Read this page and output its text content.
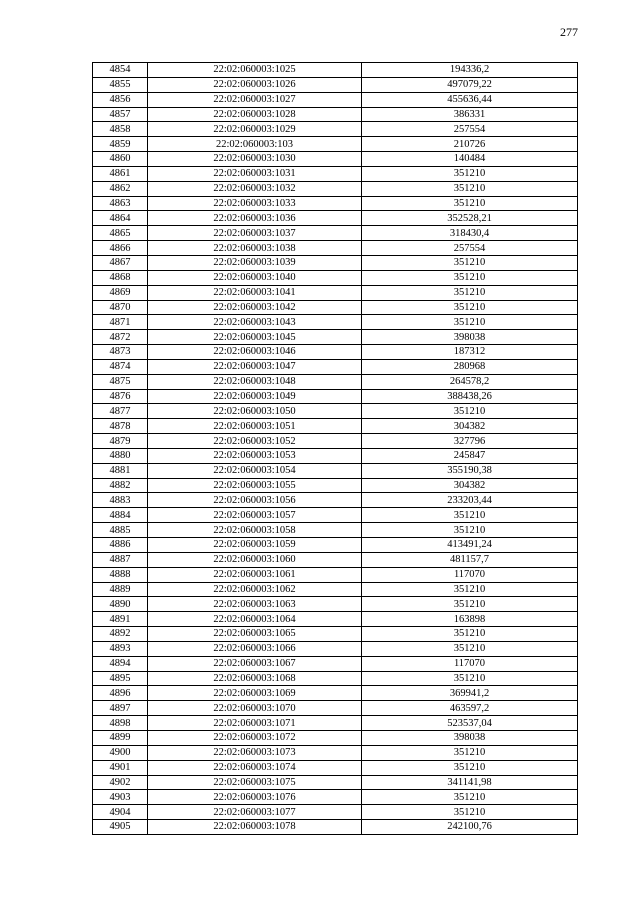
277
4854	22:02:060003:1025	194336,2
4855	22:02:060003:1026	497079,22
4856	22:02:060003:1027	455636,44
4857	22:02:060003:1028	386331
4858	22:02:060003:1029	257554
4859	22:02:060003:103	210726
4860	22:02:060003:1030	140484
4861	22:02:060003:1031	351210
4862	22:02:060003:1032	351210
4863	22:02:060003:1033	351210
4864	22:02:060003:1036	352528,21
4865	22:02:060003:1037	318430,4
4866	22:02:060003:1038	257554
4867	22:02:060003:1039	351210
4868	22:02:060003:1040	351210
4869	22:02:060003:1041	351210
4870	22:02:060003:1042	351210
4871	22:02:060003:1043	351210
4872	22:02:060003:1045	398038
4873	22:02:060003:1046	187312
4874	22:02:060003:1047	280968
4875	22:02:060003:1048	264578,2
4876	22:02:060003:1049	388438,26
4877	22:02:060003:1050	351210
4878	22:02:060003:1051	304382
4879	22:02:060003:1052	327796
4880	22:02:060003:1053	245847
4881	22:02:060003:1054	355190,38
4882	22:02:060003:1055	304382
4883	22:02:060003:1056	233203,44
4884	22:02:060003:1057	351210
4885	22:02:060003:1058	351210
4886	22:02:060003:1059	413491,24
4887	22:02:060003:1060	481157,7
4888	22:02:060003:1061	117070
4889	22:02:060003:1062	351210
4890	22:02:060003:1063	351210
4891	22:02:060003:1064	163898
4892	22:02:060003:1065	351210
4893	22:02:060003:1066	351210
4894	22:02:060003:1067	117070
4895	22:02:060003:1068	351210
4896	22:02:060003:1069	369941,2
4897	22:02:060003:1070	463597,2
4898	22:02:060003:1071	523537,04
4899	22:02:060003:1072	398038
4900	22:02:060003:1073	351210
4901	22:02:060003:1074	351210
4902	22:02:060003:1075	341141,98
4903	22:02:060003:1076	351210
4904	22:02:060003:1077	351210
4905	22:02:060003:1078	242100,76
